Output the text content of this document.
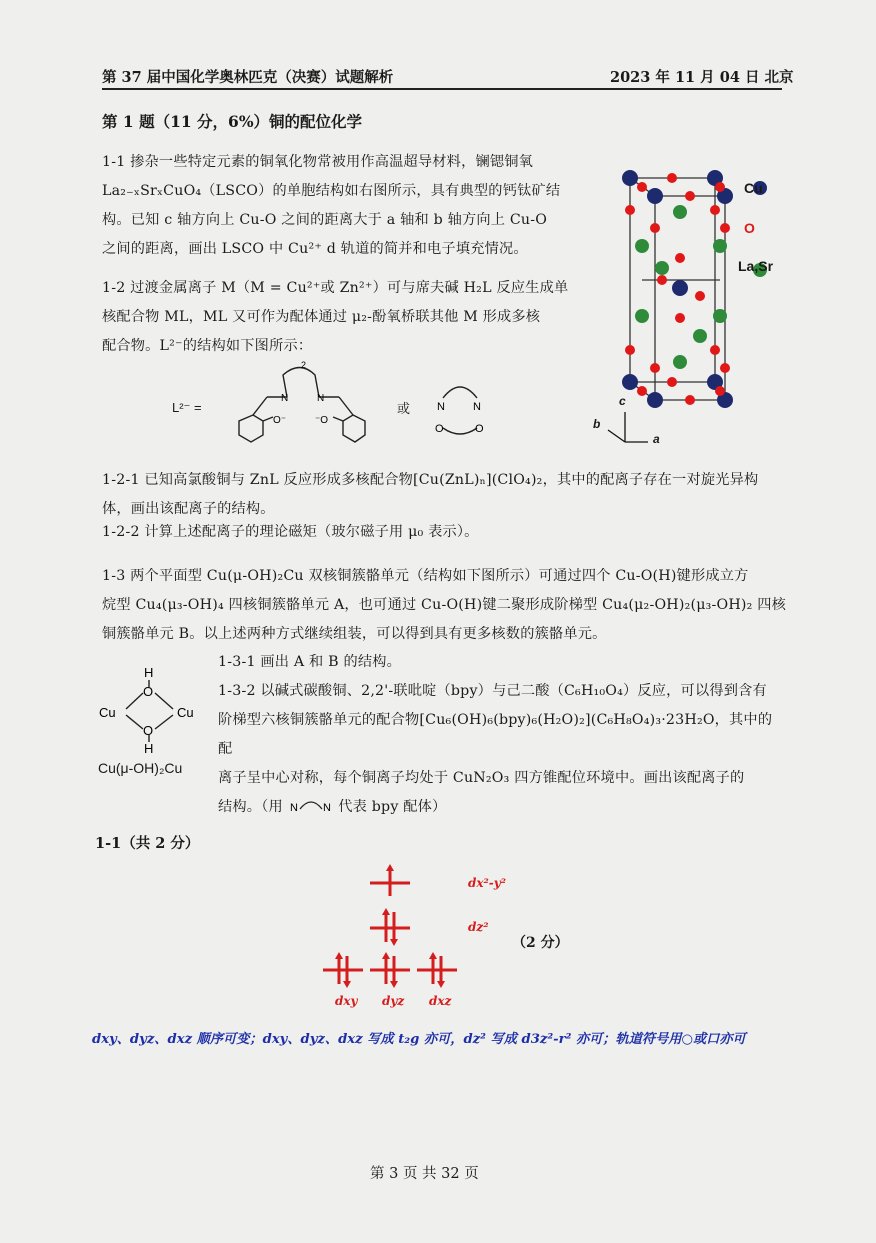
第 37 届中国化学奥林匹克（决赛）试题解析	2023 年 11 月 04 日 北京
第 1 题（11 分，6%）铜的配位化学
1-1 掺杂一些特定元素的铜氧化物常被用作高温超导材料，镧锶铜氧
La₂₋ₓSrₓCuO₄（LSCO）的单胞结构如右图所示，具有典型的钙钛矿结
构。已知 c 轴方向上 Cu-O 之间的距离大于 a 轴和 b 轴方向上 Cu-O
之间的距离，画出 LSCO 中 Cu²⁺ d 轨道的简并和电子填充情况。
1-2 过渡金属离子 M（M = Cu²⁺或 Zn²⁺）可与席夫碱 H₂L 反应生成单
核配合物 ML，ML 又可作为配体通过 μ₂-酚氧桥联其他 M 形成多核
配合物。L²⁻的结构如下图所示：
Cu
O
La,Sr
c
b
a
L²⁻ =
N	N
2
O⁻	⁻O
或 N	N
O	O
1-2-1 已知高氯酸铜与 ZnL 反应形成多核配合物[Cu(ZnL)ₙ](ClO₄)₂，其中的配离子存在一对旋光异构
体，画出该配离子的结构。
1-2-2 计算上述配离子的理论磁矩（玻尔磁子用 μ₀ 表示）。
1-3 两个平面型 Cu(μ-OH)₂Cu 双核铜簇骼单元（结构如下图所示）可通过四个 Cu-O(H)键形成立方
烷型 Cu₄(μ₃-OH)₄ 四核铜簇骼单元 A，也可通过 Cu-O(H)键二聚形成阶梯型 Cu₄(μ₂-OH)₂(μ₃-OH)₂ 四核
铜簇骼单元 B。以上述两种方式继续组装，可以得到具有更多核数的簇骼单元。
H
O
Cu	Cu
O
H
Cu(μ-OH)₂Cu
1-3-1 画出 A 和 B 的结构。
1-3-2 以碱式碳酸铜、2,2'-联吡啶（bpy）与己二酸（C₆H₁₀O₄）反应，可以得到含有
阶梯型六核铜簇骼单元的配合物[Cu₆(OH)₆(bpy)₆(H₂O)₂](C₆H₈O₄)₃·23H₂O，其中的配
离子呈中心对称，每个铜离子均处于 CuN₂O₃ 四方锥配位环境中。画出该配离子的
结构。（用 N N 代表 bpy 配体）
1-1（共 2 分）
dx²-y²
dz²
（2 分）
dxy dyz dxz
dxy、dyz、dxz 顺序可变；dxy、dyz、dxz 写成 t₂g 亦可，dz² 写成 d3z²-r² 亦可；轨道符号用○或口亦可
第 3 页 共 32 页
